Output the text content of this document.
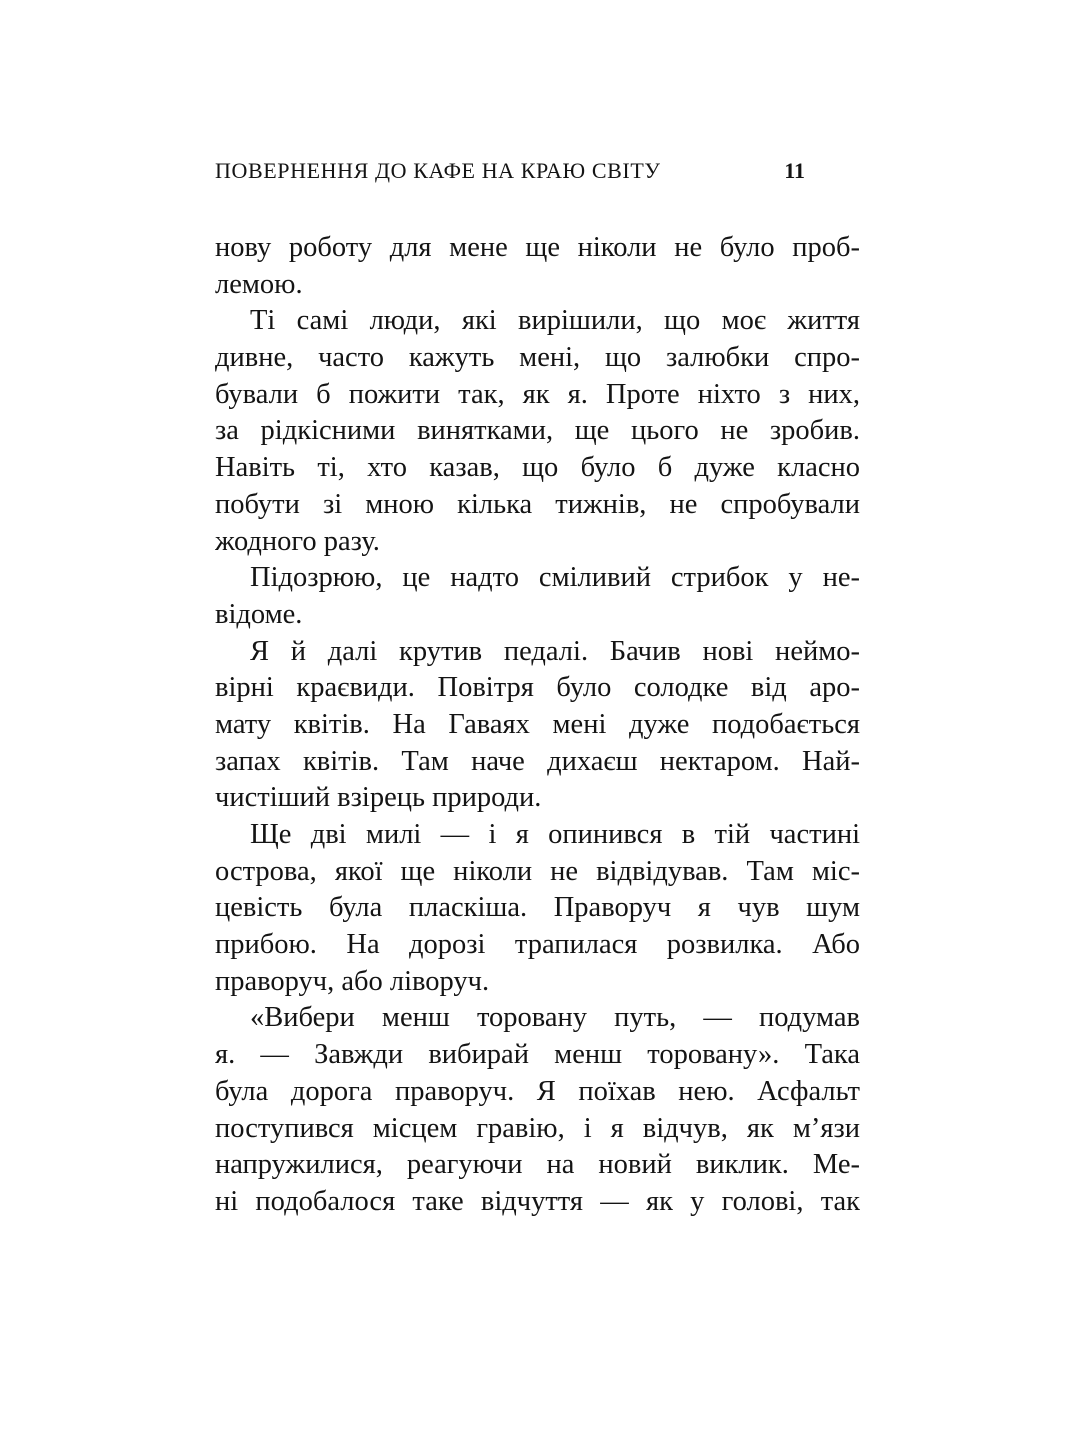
ПОВЕРНЕННЯ ДО КАФЕ НА КРАЮ СВІТУ	11
нову роботу для мене ще ніколи не було проб-
лемою.
Ті самі люди, які вирішили, що моє життя
дивне, часто кажуть мені, що залюбки спро-
бували б пожити так, як я. Проте ніхто з них,
за рідкісними винятками, ще цього не зробив.
Навіть ті, хто казав, що було б дуже класно
побути зі мною кілька тижнів, не спробували
жодного разу.
Підозрюю, це надто сміливий стрибок у не-
відоме.
Я й далі крутив педалі. Бачив нові неймо-
вірні краєвиди. Повітря було солодке від аро-
мату квітів. На Гаваях мені дуже подобається
запах квітів. Там наче дихаєш нектаром. Най-
чистіший взірець природи.
Ще дві милі — і я опинився в тій частині
острова, якої ще ніколи не відвідував. Там міс-
цевість була пласкіша. Праворуч я чув шум
прибою. На дорозі трапилася розвилка. Або
праворуч, або ліворуч.
«Вибери менш торовану путь, — подумав
я. — Завжди вибирай менш торовану». Така
була дорога праворуч. Я поїхав нею. Асфальт
поступився місцем гравію, і я відчув, як м’язи
напружилися, реагуючи на новий виклик. Ме-
ні подобалося таке відчуття — як у голові, так
